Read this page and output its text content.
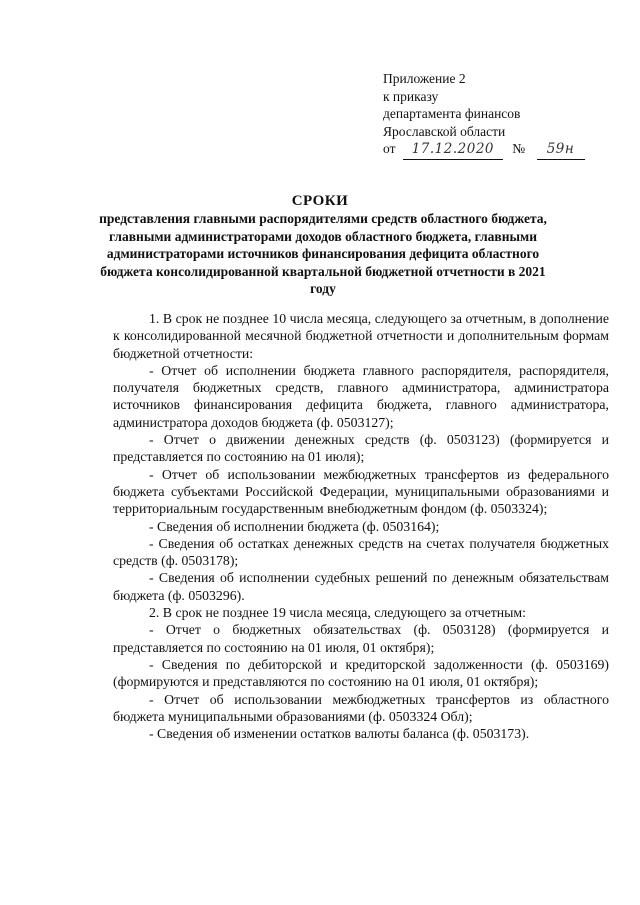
Приложение 2
к приказу
департамента финансов
Ярославской области
от 17.12.2020 № 59н
СРОКИ
представления главными распорядителями средств областного бюджета, главными администраторами доходов областного бюджета, главными администраторами источников финансирования дефицита областного бюджета консолидированной квартальной бюджетной отчетности в 2021 году

1. В срок не позднее 10 числа месяца, следующего за отчетным, в дополнение к консолидированной месячной бюджетной отчетности и дополнительным формам бюджетной отчетности:

- Отчет об исполнении бюджета главного распорядителя, распорядителя, получателя бюджетных средств, главного администратора, администратора источников финансирования дефицита бюджета, главного администратора, администратора доходов бюджета (ф. 0503127);

- Отчет о движении денежных средств (ф. 0503123) (формируется и представляется по состоянию на 01 июля);

- Отчет об использовании межбюджетных трансфертов из федерального бюджета субъектами Российской Федерации, муниципальными образованиями и территориальным государственным внебюджетным фондом (ф. 0503324);

- Сведения об исполнении бюджета (ф. 0503164);

- Сведения об остатках денежных средств на счетах получателя бюджетных средств (ф. 0503178);

- Сведения об исполнении судебных решений по денежным обязательствам бюджета (ф. 0503296).

2. В срок не позднее 19 числа месяца, следующего за отчетным:

- Отчет о бюджетных обязательствах (ф. 0503128) (формируется и представляется по состоянию на 01 июля, 01 октября);

- Сведения по дебиторской и кредиторской задолженности (ф. 0503169) (формируются и представляются по состоянию на 01 июля, 01 октября);

- Отчет об использовании межбюджетных трансфертов из областного бюджета муниципальными образованиями (ф. 0503324 Обл);

- Сведения об изменении остатков валюты баланса (ф. 0503173).
